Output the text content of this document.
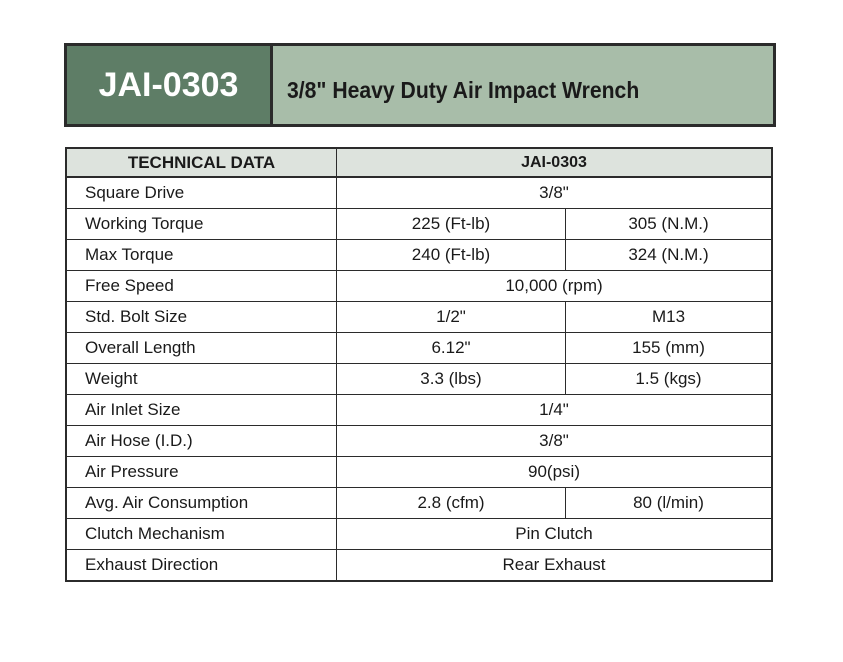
JAI-0303 3/8" Heavy Duty Air Impact Wrench
TECHNICAL DATA	JAI-0303	
Square Drive	3/8"	
Working Torque	225 (Ft-lb)	305 (N.M.)
Max Torque	240 (Ft-lb)	324 (N.M.)
Free Speed	10,000 (rpm)	
Std. Bolt Size	1/2"	M13
Overall Length	6.12"	155 (mm)
Weight	3.3 (lbs)	1.5 (kgs)
Air Inlet Size	1/4"	
Air Hose (I.D.)	3/8"	
Air Pressure	90(psi)	
Avg. Air Consumption	2.8 (cfm)	80 (l/min)
Clutch Mechanism	Pin Clutch	
Exhaust Direction	Rear Exhaust	
